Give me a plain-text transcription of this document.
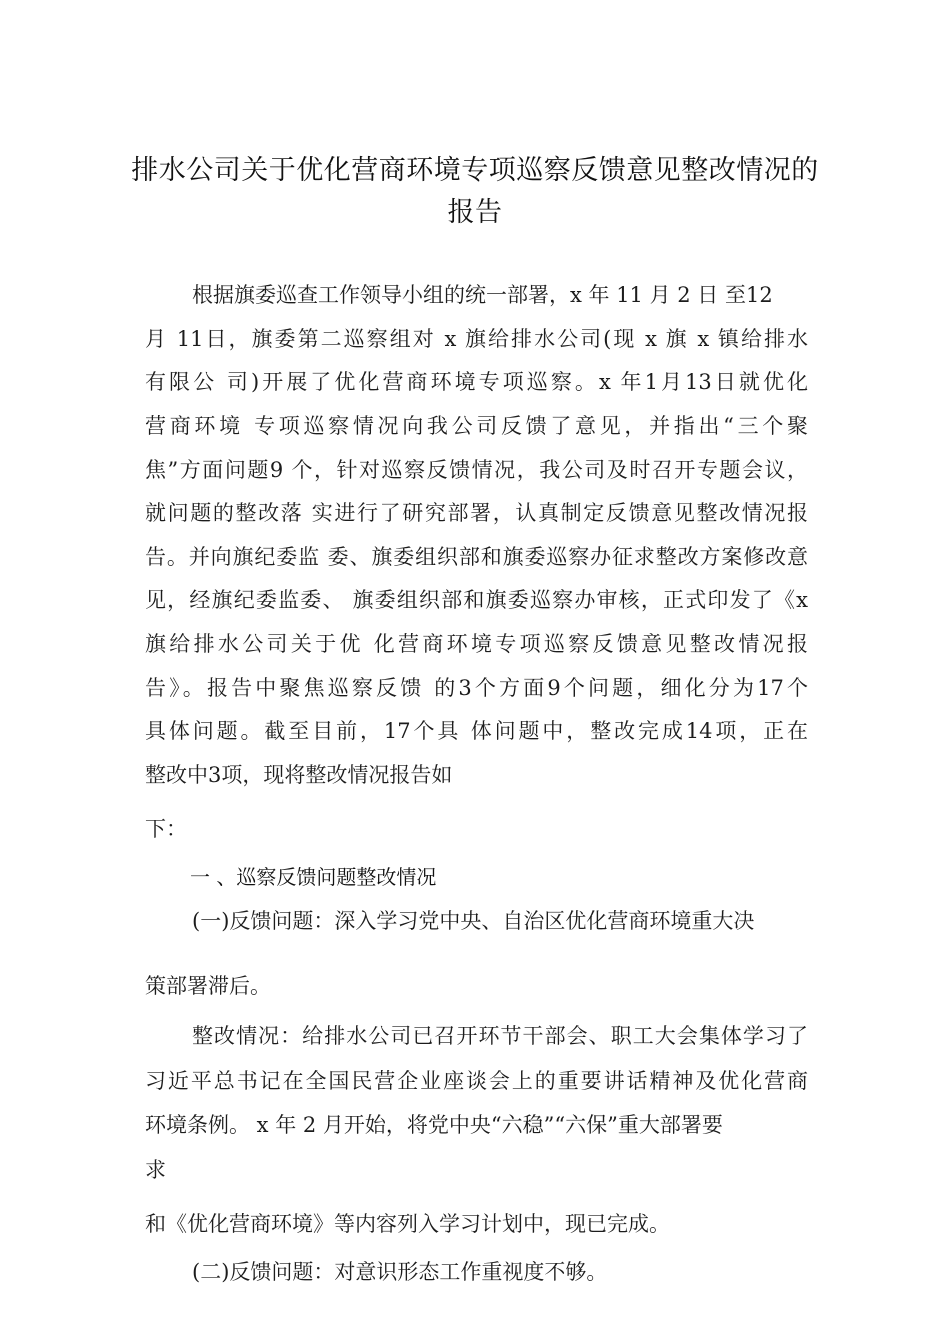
排水公司关于优化营商环境专项巡察反馈意见整改情况的
报告
根据旗委巡查工作领导小组的统一部署，x 年 11 月 2 日 至12
月 11日，旗委第二巡察组对 x 旗给排水公司(现 x 旗 x 镇给排水
有限公 司)开展了优化营商环境专项巡察。x 年1月13日就优化
营商环境 专项巡察情况向我公司反馈了意见，并指出“三个聚
焦”方面问题9 个，针对巡察反馈情况，我公司及时召开专题会议，
就问题的整改落 实进行了研究部署，认真制定反馈意见整改情况报
告。并向旗纪委监 委、旗委组织部和旗委巡察办征求整改方案修改意
见，经旗纪委监委、 旗委组织部和旗委巡察办审核，正式印发了《x
旗给排水公司关于优 化营商环境专项巡察反馈意见整改情况报
告》。报告中聚焦巡察反馈 的3个方面9个问题，细化分为17个
具体问题。截至目前，17个具 体问题中，整改完成14项，正在
整改中3项，现将整改情况报告如
下：
一 、巡察反馈问题整改情况
(一)反馈问题：深入学习党中央、自治区优化营商环境重大决
策部署滞后。
整改情况：给排水公司已召开环节干部会、职工大会集体学习了
习近平总书记在全国民营企业座谈会上的重要讲话精神及优化营商
环境条例。 x 年 2 月开始，将党中央“六稳”“六保”重大部署要
求
和《优化营商环境》等内容列入学习计划中，现已完成。
(二)反馈问题：对意识形态工作重视度不够。
